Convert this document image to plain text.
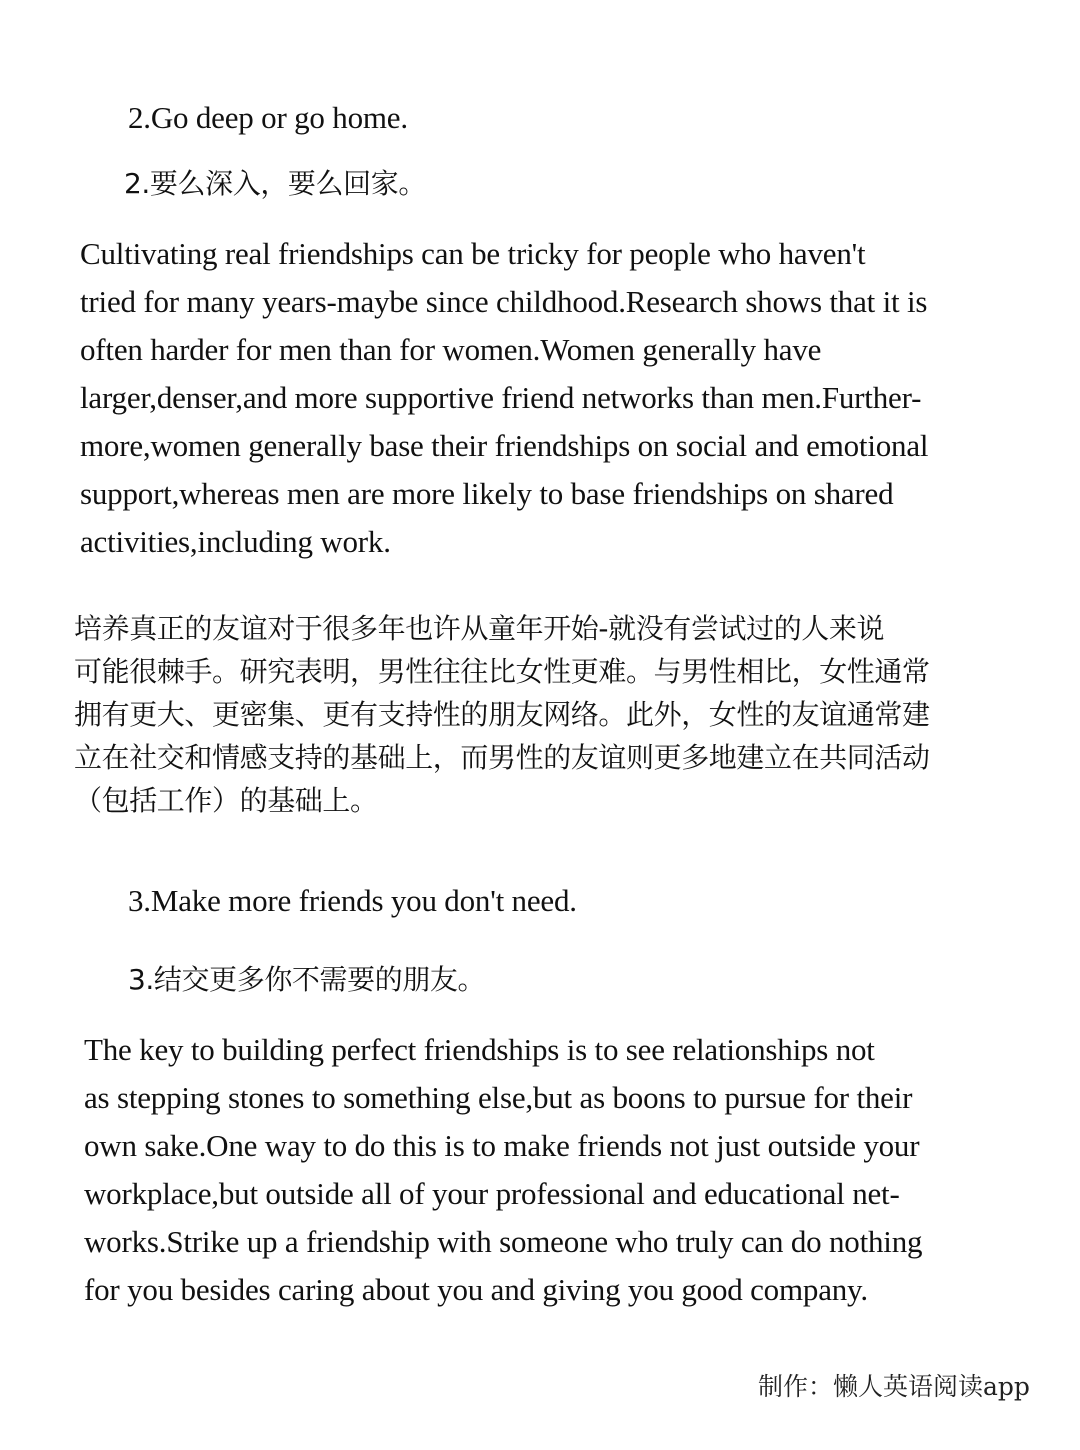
2.Go deep or go home.
2.要么深入，要么回家。

Cultivating real friendships can be tricky for people who haven't
tried for many years-maybe since childhood.Research shows that it is
often harder for men than for women.Women generally have
larger,denser,and more supportive friend networks than men.Further-
more,women generally base their friendships on social and emotional
support,whereas men are more likely to base friendships on shared
activities,including work.

培养真正的友谊对于很多年也许从童年开始-就没有尝试过的人来说
可能很棘手。研究表明，男性往往比女性更难。与男性相比，女性通常
拥有更大、更密集、更有支持性的朋友网络。此外，女性的友谊通常建
立在社交和情感支持的基础上，而男性的友谊则更多地建立在共同活动
（包括工作）的基础上。

3.Make more friends you don't need.
3.结交更多你不需要的朋友。

The key to building perfect friendships is to see relationships not
as stepping stones to something else,but as boons to pursue for their
own sake.One way to do this is to make friends not just outside your
workplace,but outside all of your professional and educational net-
works.Strike up a friendship with someone who truly can do nothing
for you besides caring about you and giving you good company.

制作：懒人英语阅读app
